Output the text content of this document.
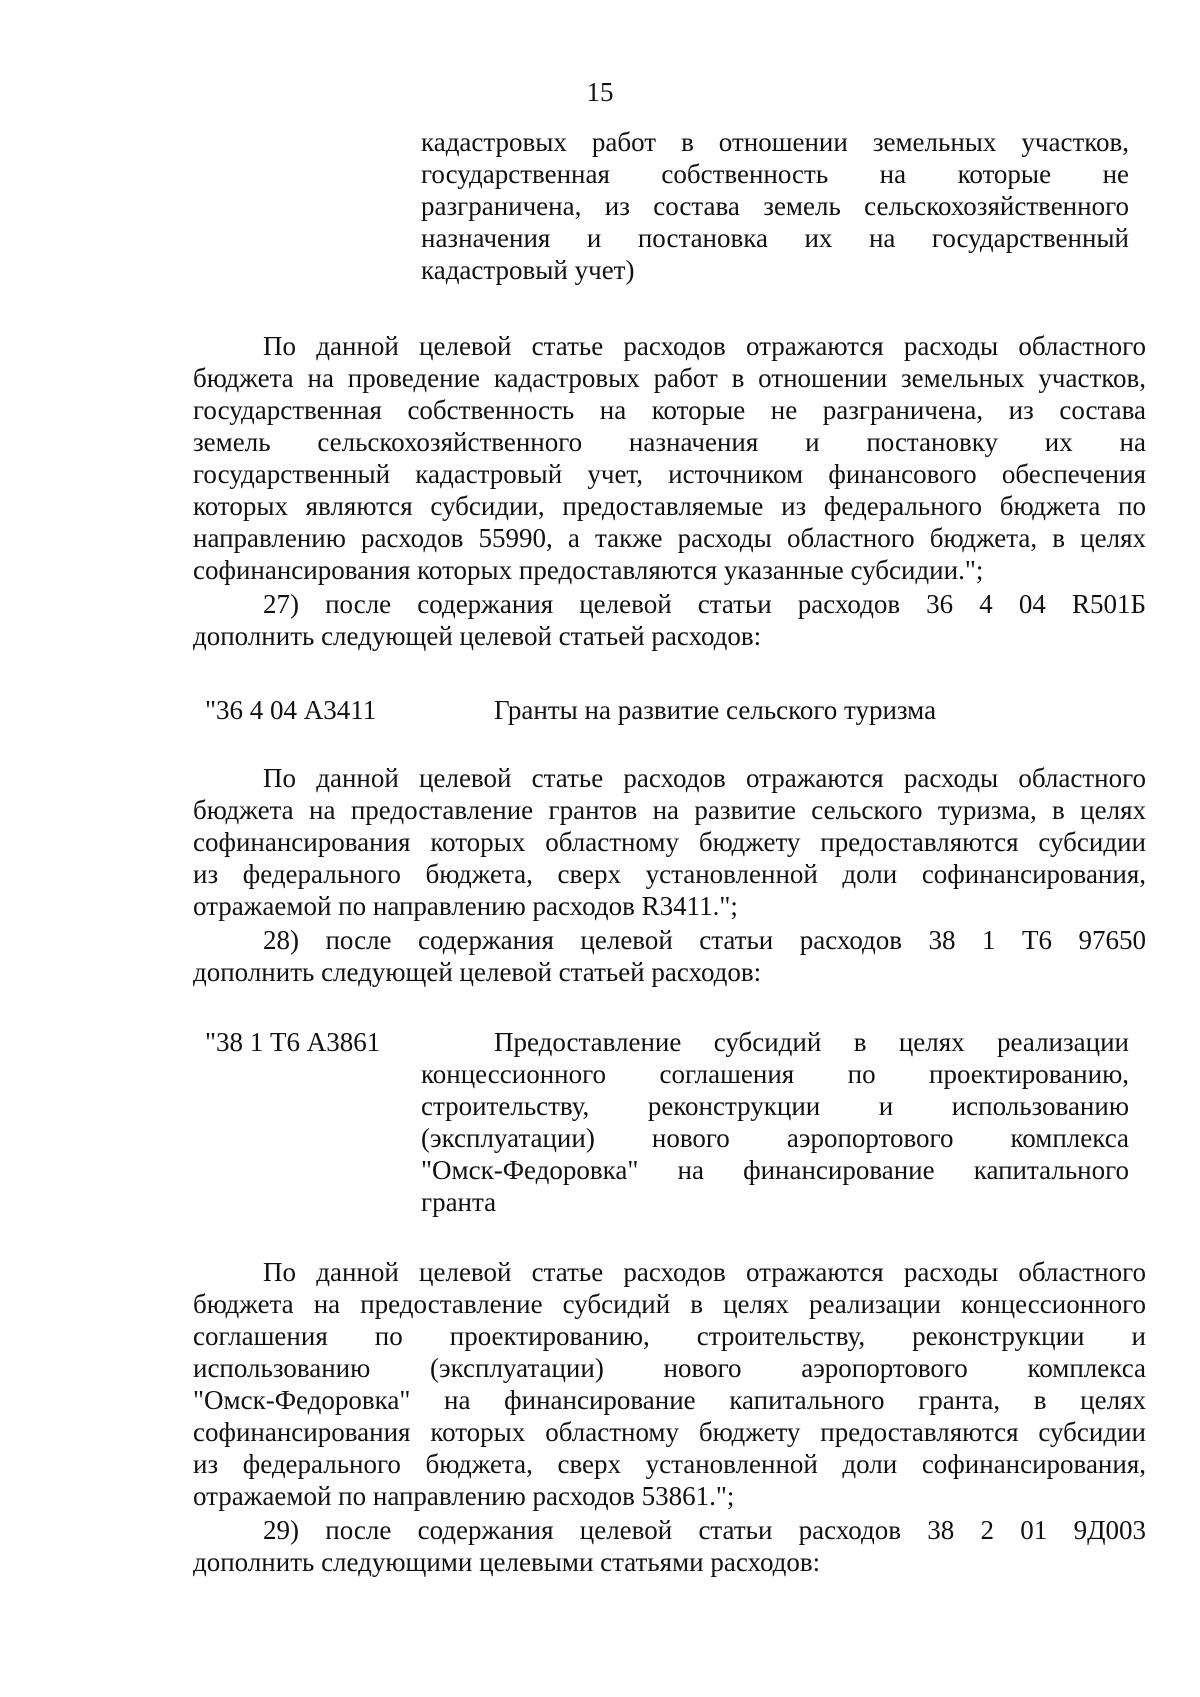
15
кадастровых работ в отношении земельных участков,
государственная собственность на которые не
разграничена, из состава земель сельскохозяйственного
назначения и постановка их на государственный
кадастровый учет)
По данной целевой статье расходов отражаются расходы областного
бюджета на проведение кадастровых работ в отношении земельных участков,
государственная собственность на которые не разграничена, из состава
земель сельскохозяйственного назначения и постановку их на
государственный кадастровый учет, источником финансового обеспечения
которых являются субсидии, предоставляемые из федерального бюджета по
направлению расходов 55990, а также расходы областного бюджета, в целях
софинансирования которых предоставляются указанные субсидии.";
27) после содержания целевой статьи расходов 36 4 04 R501Б
дополнить следующей целевой статьей расходов:
"36 4 04 А3411	Гранты на развитие сельского туризма
По данной целевой статье расходов отражаются расходы областного
бюджета на предоставление грантов на развитие сельского туризма, в целях
софинансирования которых областному бюджету предоставляются субсидии
из федерального бюджета, сверх установленной доли софинансирования,
отражаемой по направлению расходов R3411.";
28) после содержания целевой статьи расходов 38 1 Т6 97650
дополнить следующей целевой статьей расходов:
"38 1 Т6 А3861	Предоставление субсидий в целях реализации
концессионного соглашения по проектированию,
строительству, реконструкции и использованию
(эксплуатации) нового аэропортового комплекса
"Омск-Федоровка" на финансирование капитального
гранта
По данной целевой статье расходов отражаются расходы областного
бюджета на предоставление субсидий в целях реализации концессионного
соглашения по проектированию, строительству, реконструкции и
использованию (эксплуатации) нового аэропортового комплекса
"Омск-Федоровка" на финансирование капитального гранта, в целях
софинансирования которых областному бюджету предоставляются субсидии
из федерального бюджета, сверх установленной доли софинансирования,
отражаемой по направлению расходов 53861.";
29) после содержания целевой статьи расходов 38 2 01 9Д003
дополнить следующими целевыми статьями расходов:
